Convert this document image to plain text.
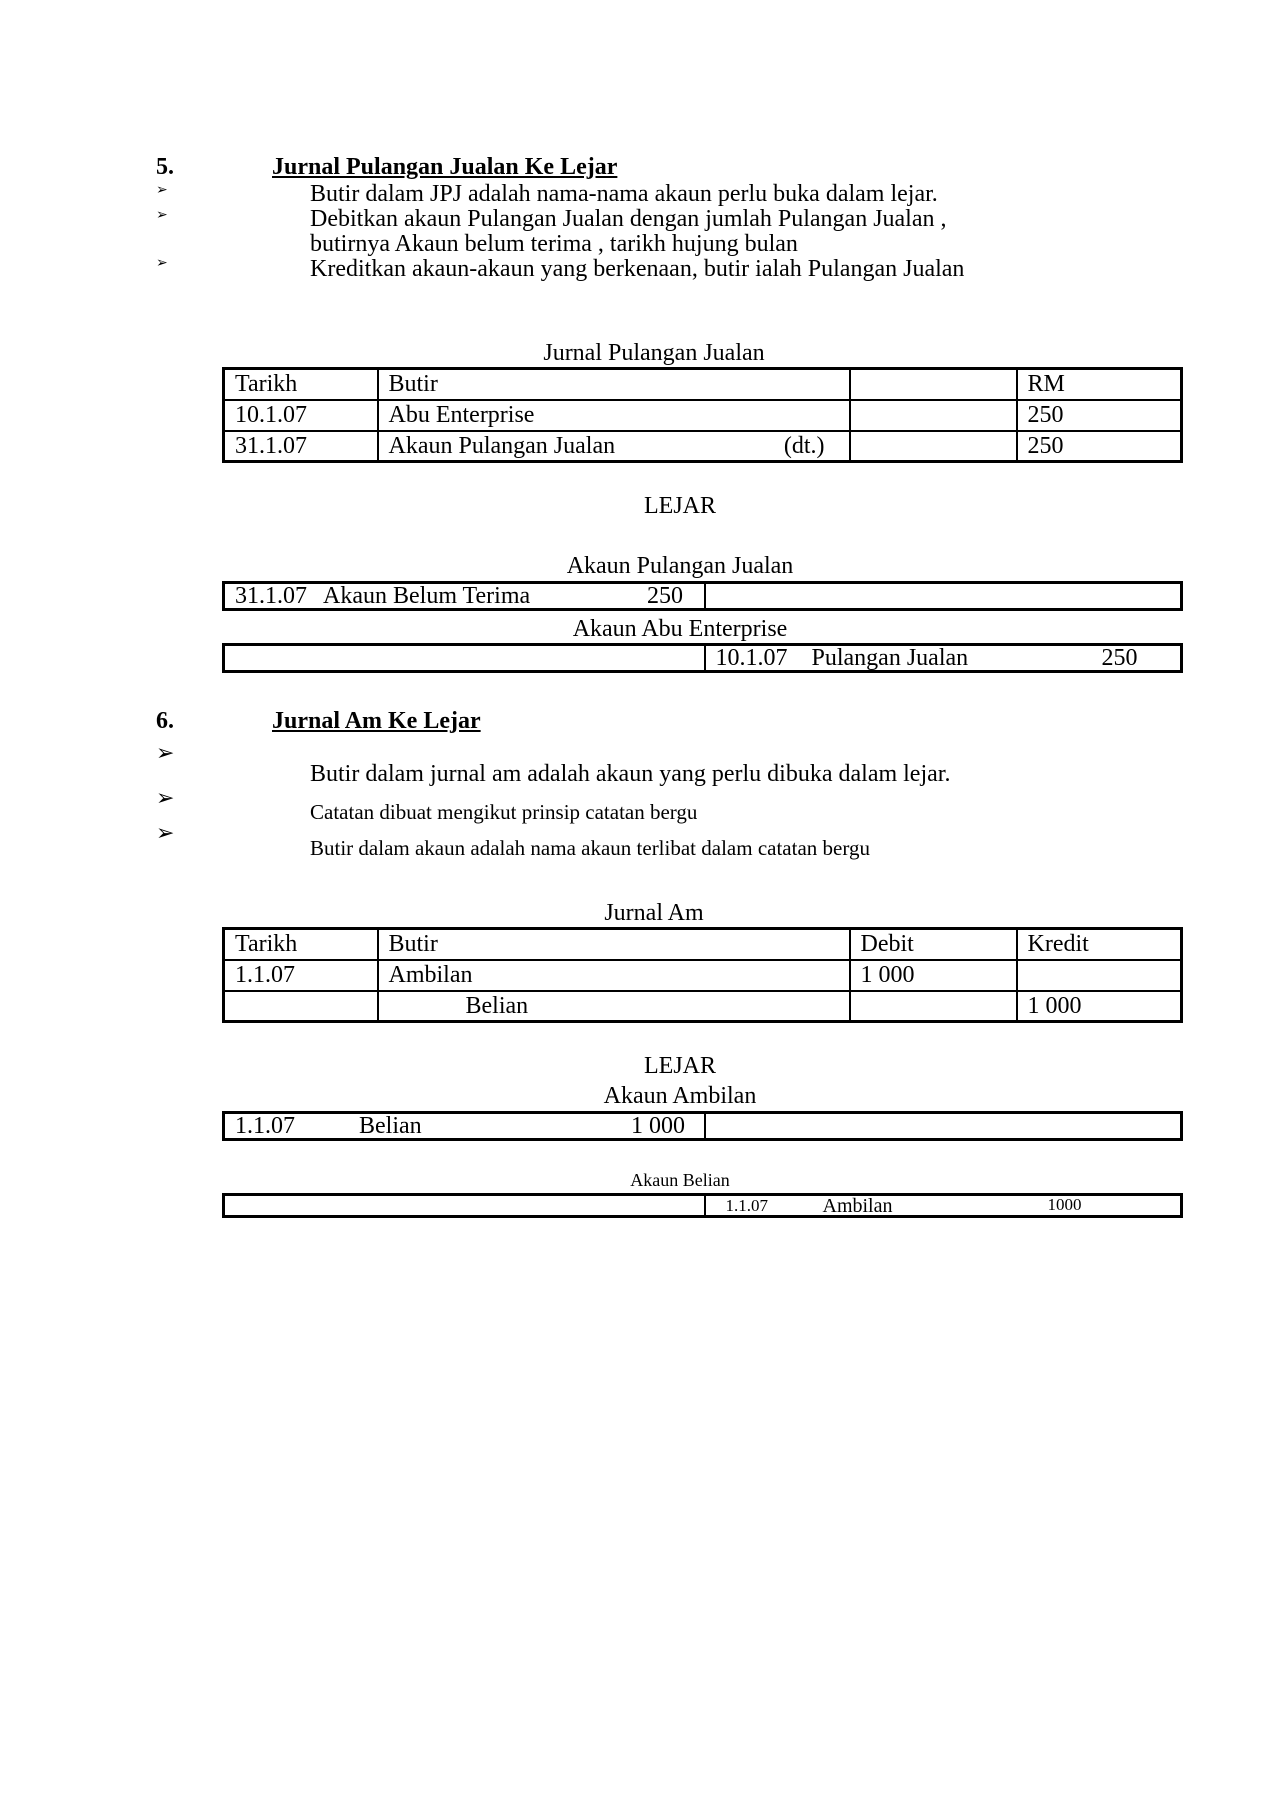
5.	Jurnal Pulangan Jualan Ke Lejar
➢
➢
➢
Butir dalam JPJ adalah nama-nama akaun perlu buka dalam lejar.
Debitkan akaun Pulangan Jualan dengan jumlah Pulangan Jualan ,
butirnya Akaun belum terima , tarikh hujung bulan
Kreditkan akaun-akaun yang berkenaan, butir ialah Pulangan Jualan
Jurnal Pulangan Jualan
Tarikh	Butir		RM
10.1.07	Abu Enterprise		250
31.1.07	Akaun Pulangan Jualan (dt.)		250
LEJAR
Akaun Pulangan Jualan
31.1.07 Akaun Belum Terima	250

Akaun Abu Enterprise
	10.1.07 Pulangan Jualan	250
6.	Jurnal Am Ke Lejar
➢
➢
➢
Butir dalam jurnal am adalah akaun yang perlu dibuka dalam lejar.
Catatan dibuat mengikut prinsip catatan bergu
Butir dalam akaun adalah nama akaun terlibat dalam catatan bergu
Jurnal Am
Tarikh	Butir	Debit	Kredit
1.1.07	Ambilan	1 000	
	Belian		1 000
LEJAR
Akaun Ambilan
1.1.07	Belian	1 000

Akaun Belian
	1.1.07	Ambilan	1000
